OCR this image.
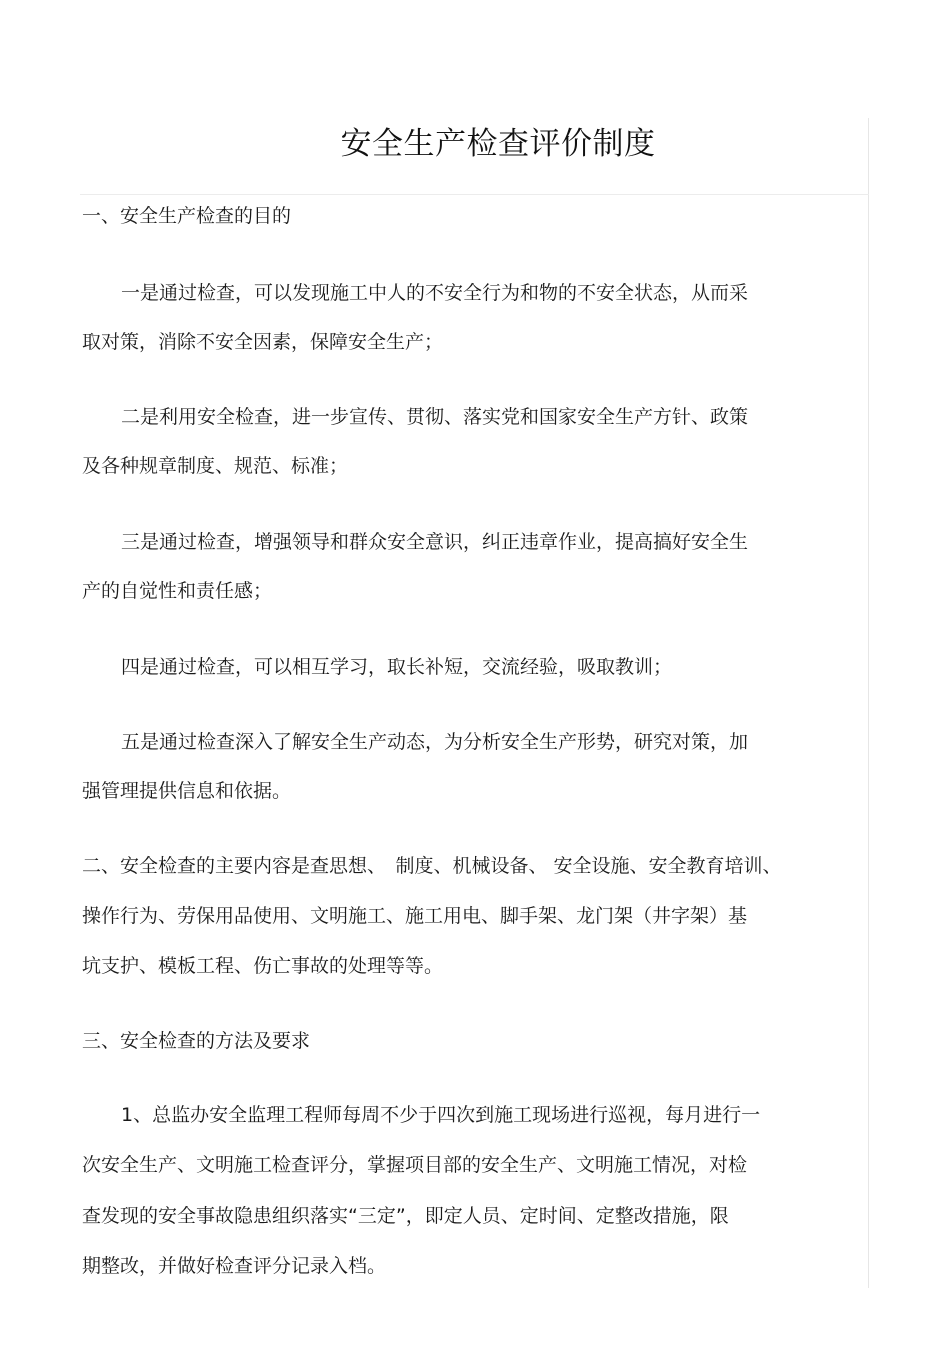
安全生产检查评价制度
一、安全生产检查的目的
一是通过检查，可以发现施工中人的不安全行为和物的不安全状态，从而采
取对策，消除不安全因素，保障安全生产；
二是利用安全检查，进一步宣传、贯彻、落实党和国家安全生产方针、政策
及各种规章制度、规范、标准；
三是通过检查，增强领导和群众安全意识，纠正违章作业，提高搞好安全生
产的自觉性和责任感；
四是通过检查，可以相互学习，取长补短，交流经验，吸取教训；
五是通过检查深入了解安全生产动态，为分析安全生产形势，研究对策，加
强管理提供信息和依据。
二、安全检查的主要内容是查思想、　制度、机械设备、 安全设施、安全教育培训、
操作行为、劳保用品使用、文明施工、施工用电、脚手架、龙门架（井字架）基
坑支护、模板工程、伤亡事故的处理等等。
三、安全检查的方法及要求
1、总监办安全监理工程师每周不少于四次到施工现场进行巡视，每月进行一
次安全生产、文明施工检查评分，掌握项目部的安全生产、文明施工情况，对检
查发现的安全事故隐患组织落实“三定”，即定人员、定时间、定整改措施，限
期整改，并做好检查评分记录入档。
